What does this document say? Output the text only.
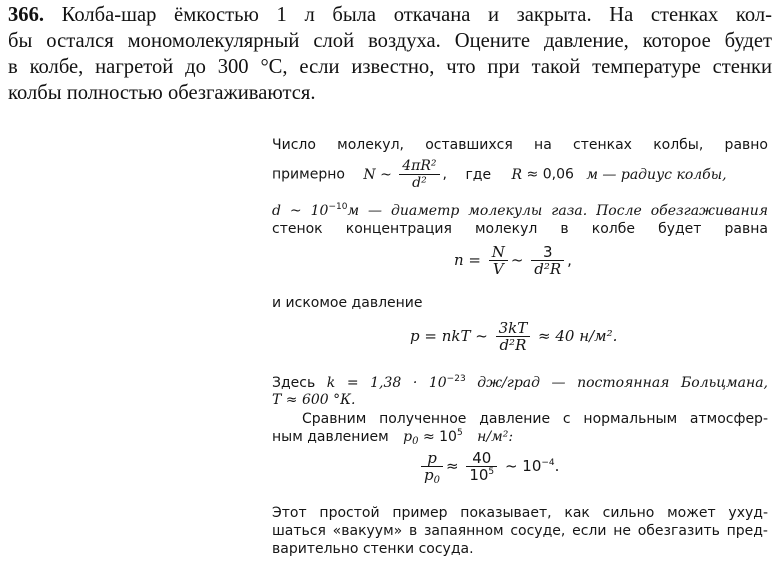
366. Колба-шар ёмкостью 1 л была откачана и закрыта. На стенках кол-
бы остался мономолекулярный слой воздуха. Оцените давление, которое будет
в колбе, нагретой до 300 °С, если известно, что при такой температуре стенки
колбы полностью обезгаживаются.
Число молекул, оставшихся на стенках колбы, равно
примерно N ~ $\frac{\text{4πR²}}{\text{d²}}$ , где R ≈ 0,06 м — радиус колбы,
d ~ $10^{-10}м$ — диаметр молекулы газа. После обезгаживания
стенок концентрация молекул в колбе будет равна
$n = \frac{N}{V}$ ~ $\frac{3}{\text{d²R}}$ ,
и искомое давление
p = nkT ~ $\frac{3kT}{\text{d²R}} \approx 40$ н/м².
Здесь $k = 1,38 \cdot 10^{-23}$ дж/град — постоянная Больцмана,
T ≈ 600 °К.
Сравним полученное давление с нормальным атмосфер-
ным давлением $p_0 \approx 10^5$ н/м²:
$\frac{p}{p_0} \approx \frac{40}{10^5}$ ~ $10^{-4}$.
Этот простой пример показывает, как сильно может ухуд-
шаться «вакуум» в запаянном сосуде, если не обезгазить пред-
варительно стенки сосуда.
